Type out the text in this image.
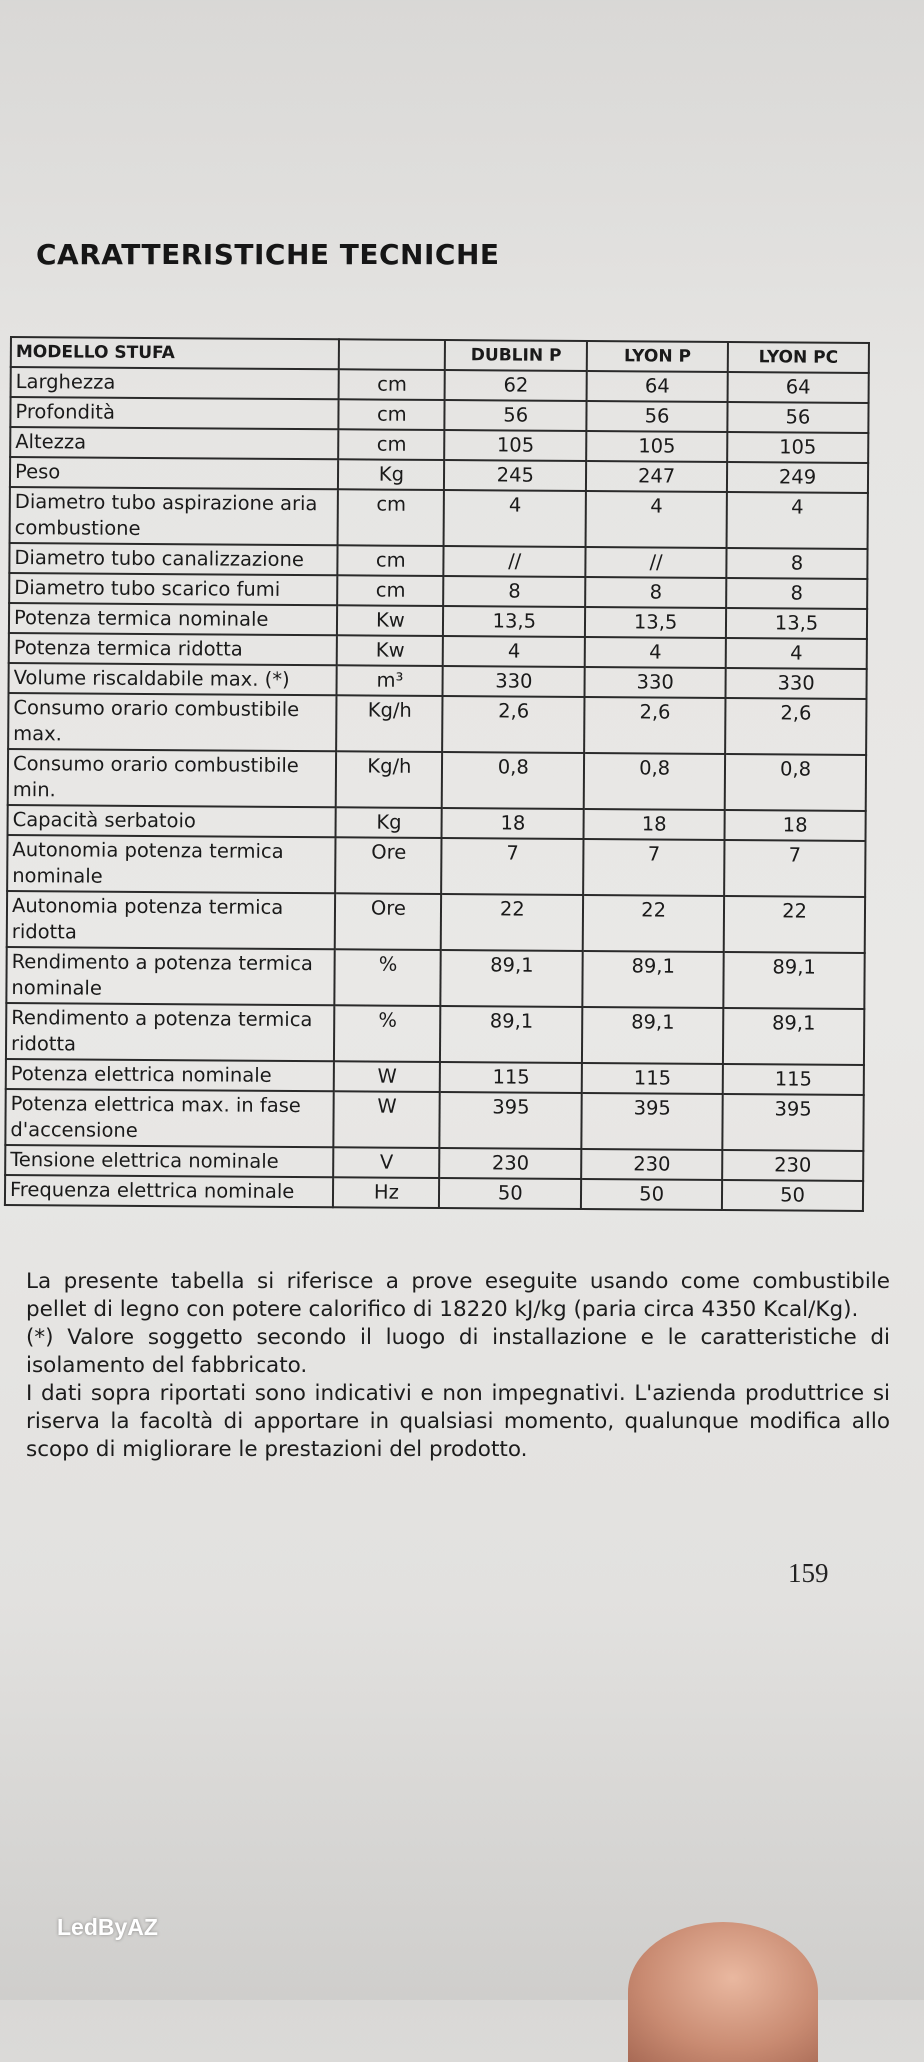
CARATTERISTICHE TECNICHE
MODELLO STUFA		DUBLIN P	LYON P	LYON PC
Larghezza	cm	62	64	64
Profondità	cm	56	56	56
Altezza	cm	105	105	105
Peso	Kg	245	247	249
Diametro tubo aspirazione aria combustione	cm	4	4	4
Diametro tubo canalizzazione	cm	//	//	8
Diametro tubo scarico fumi	cm	8	8	8
Potenza termica nominale	Kw	13,5	13,5	13,5
Potenza termica ridotta	Kw	4	4	4
Volume riscaldabile max. (*)	m³	330	330	330
Consumo orario combustibile max.	Kg/h	2,6	2,6	2,6
Consumo orario combustibile min.	Kg/h	0,8	0,8	0,8
Capacità serbatoio	Kg	18	18	18
Autonomia potenza termica nominale	Ore	7	7	7
Autonomia potenza termica ridotta	Ore	22	22	22
Rendimento a potenza termica nominale	%	89,1	89,1	89,1
Rendimento a potenza termica ridotta	%	89,1	89,1	89,1
Potenza elettrica nominale	W	115	115	115
Potenza elettrica max. in fase d'accensione	W	395	395	395
Tensione elettrica nominale	V	230	230	230
Frequenza elettrica nominale	Hz	50	50	50

La presente tabella si riferisce a prove eseguite usando come combustibile pellet di legno con potere calorifico di 18220 kJ/kg (paria circa 4350 Kcal/Kg).

(*) Valore soggetto secondo il luogo di installazione e le caratteristiche di isolamento del fabbricato.

I dati sopra riportati sono indicativi e non impegnativi. L'azienda produttrice si riserva la facoltà di apportare in qualsiasi momento, qualunque modifica allo scopo di migliorare le prestazioni del prodotto.

159
LedByAZ
